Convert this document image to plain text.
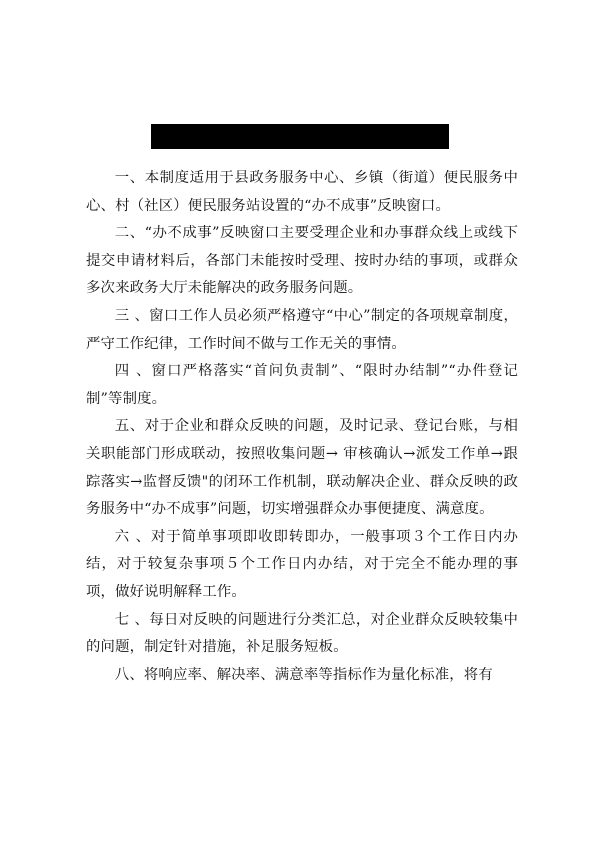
一、本制度适用于县政务服务中心、乡镇（街道）便民服务中心、村（社区）便民服务站设置的“办不成事”反映窗口。

二、“办不成事”反映窗口主要受理企业和办事群众线上或线下提交申请材料后，各部门未能按时受理、按时办结的事项，或群众多次来政务大厅未能解决的政务服务问题。

三 、窗口工作人员必须严格遵守“中心”制定的各项规章制度，严守工作纪律，工作时间不做与工作无关的事情。

四 、窗口严格落实“首问负责制”、“限时办结制”“办件登记制”等制度。

五、对于企业和群众反映的问题，及时记录、登记台账，与相关职能部门形成联动，按照收集问题→ 审核确认→派发工作单→跟踪落实→监督反馈"的闭环工作机制，联动解决企业、群众反映的政务服务中“办不成事”问题，切实增强群众办事便捷度、满意度。

六 、对于简单事项即收即转即办，一般事项３个工作日内办结，对于较复杂事项５个工作日内办结，对于完全不能办理的事项，做好说明解释工作。

七 、每日对反映的问题进行分类汇总，对企业群众反映较集中的问题，制定针对措施，补足服务短板。

八、将响应率、解决率、满意率等指标作为量化标准，将有
